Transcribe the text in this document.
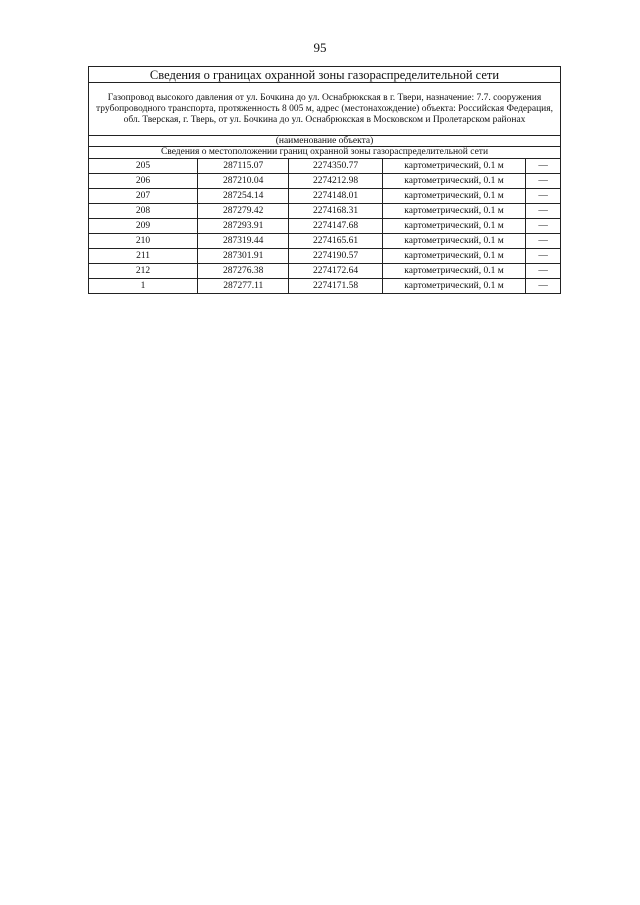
95
Сведения о границах охранной зоны газораспределительной сети				
Газопровод высокого давления от ул. Бочкина до ул. Оснабрюкская в г. Твери, назначение: 7.7. сооружения трубопроводного транспорта, протяженность 8 005 м, адрес (местонахождение) объекта: Российская Федерация, обл. Тверская, г. Тверь, от ул. Бочкина до ул. Оснабрюкская в Московском и Пролетарском районах				
(наименование объекта)				
Сведения о местоположении границ охранной зоны газораспределительной сети				
205	287115.07	2274350.77	картометрический, 0.1 м	—
206	287210.04	2274212.98	картометрический, 0.1 м	—
207	287254.14	2274148.01	картометрический, 0.1 м	—
208	287279.42	2274168.31	картометрический, 0.1 м	—
209	287293.91	2274147.68	картометрический, 0.1 м	—
210	287319.44	2274165.61	картометрический, 0.1 м	—
211	287301.91	2274190.57	картометрический, 0.1 м	—
212	287276.38	2274172.64	картометрический, 0.1 м	—
1	287277.11	2274171.58	картометрический, 0.1 м	—
